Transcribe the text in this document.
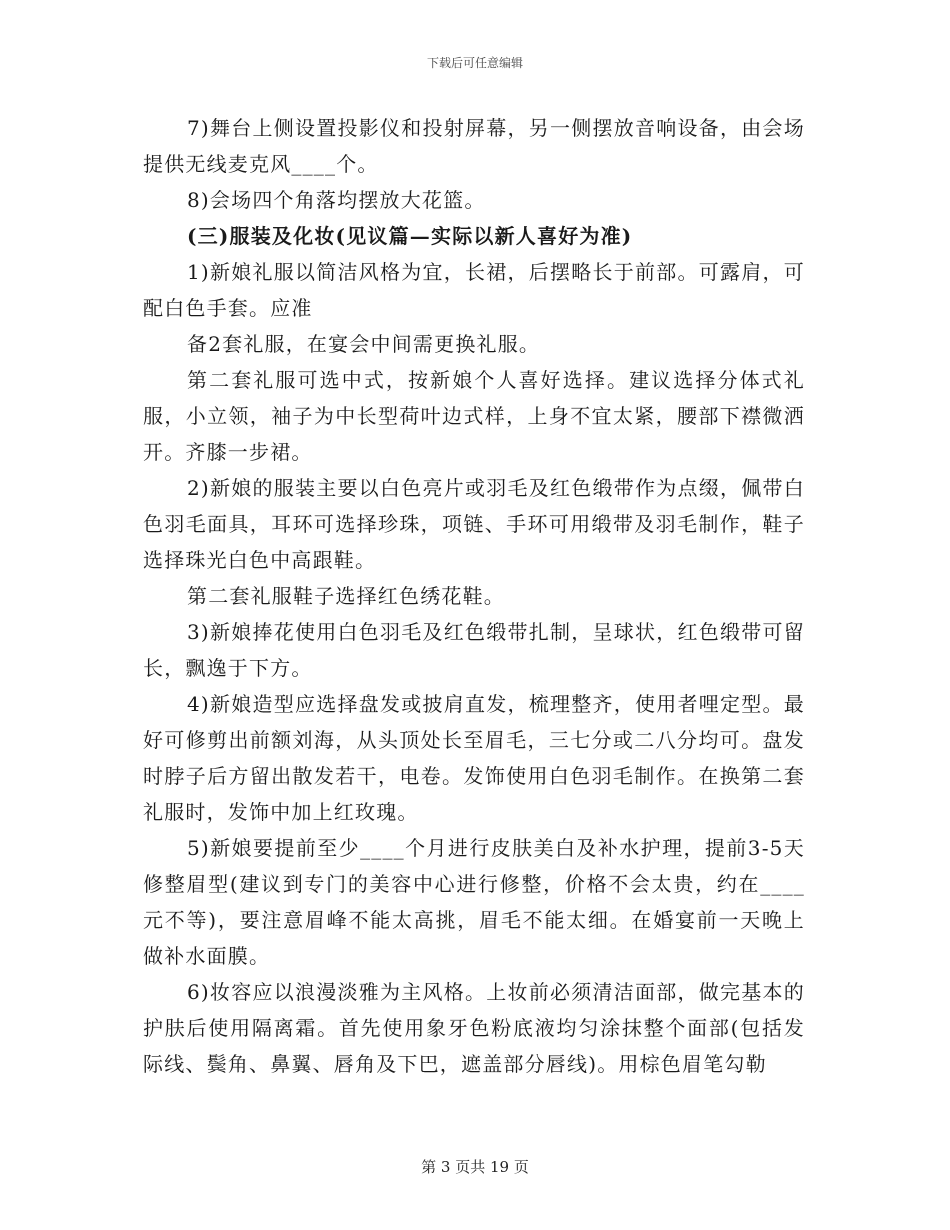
下载后可任意编辑

7)舞台上侧设置投影仪和投射屏幕，另一侧摆放音响设备，由会场提供无线麦克风____个。

8)会场四个角落均摆放大花篮。

(三)服装及化妆(见议篇—实际以新人喜好为准)

1)新娘礼服以简洁风格为宜，长裙，后摆略长于前部。可露肩，可配白色手套。应准

备2套礼服，在宴会中间需更换礼服。

第二套礼服可选中式，按新娘个人喜好选择。建议选择分体式礼服，小立领，袖子为中长型荷叶边式样，上身不宜太紧，腰部下襟微洒开。齐膝一步裙。

2)新娘的服装主要以白色亮片或羽毛及红色缎带作为点缀，佩带白色羽毛面具，耳环可选择珍珠，项链、手环可用缎带及羽毛制作，鞋子选择珠光白色中高跟鞋。

第二套礼服鞋子选择红色绣花鞋。

3)新娘捧花使用白色羽毛及红色缎带扎制，呈球状，红色缎带可留长，飘逸于下方。

4)新娘造型应选择盘发或披肩直发，梳理整齐，使用者哩定型。最好可修剪出前额刘海，从头顶处长至眉毛，三七分或二八分均可。盘发时脖子后方留出散发若干，电卷。发饰使用白色羽毛制作。在换第二套礼服时，发饰中加上红玫瑰。

5)新娘要提前至少____个月进行皮肤美白及补水护理，提前3-5天修整眉型(建议到专门的美容中心进行修整，价格不会太贵，约在____元不等)，要注意眉峰不能太高挑，眉毛不能太细。在婚宴前一天晚上做补水面膜。

6)妆容应以浪漫淡雅为主风格。上妆前必须清洁面部，做完基本的护肤后使用隔离霜。首先使用象牙色粉底液均匀涂抹整个面部(包括发际线、鬓角、鼻翼、唇角及下巴，遮盖部分唇线)。用棕色眉笔勾勒

第 3 页共 19 页
